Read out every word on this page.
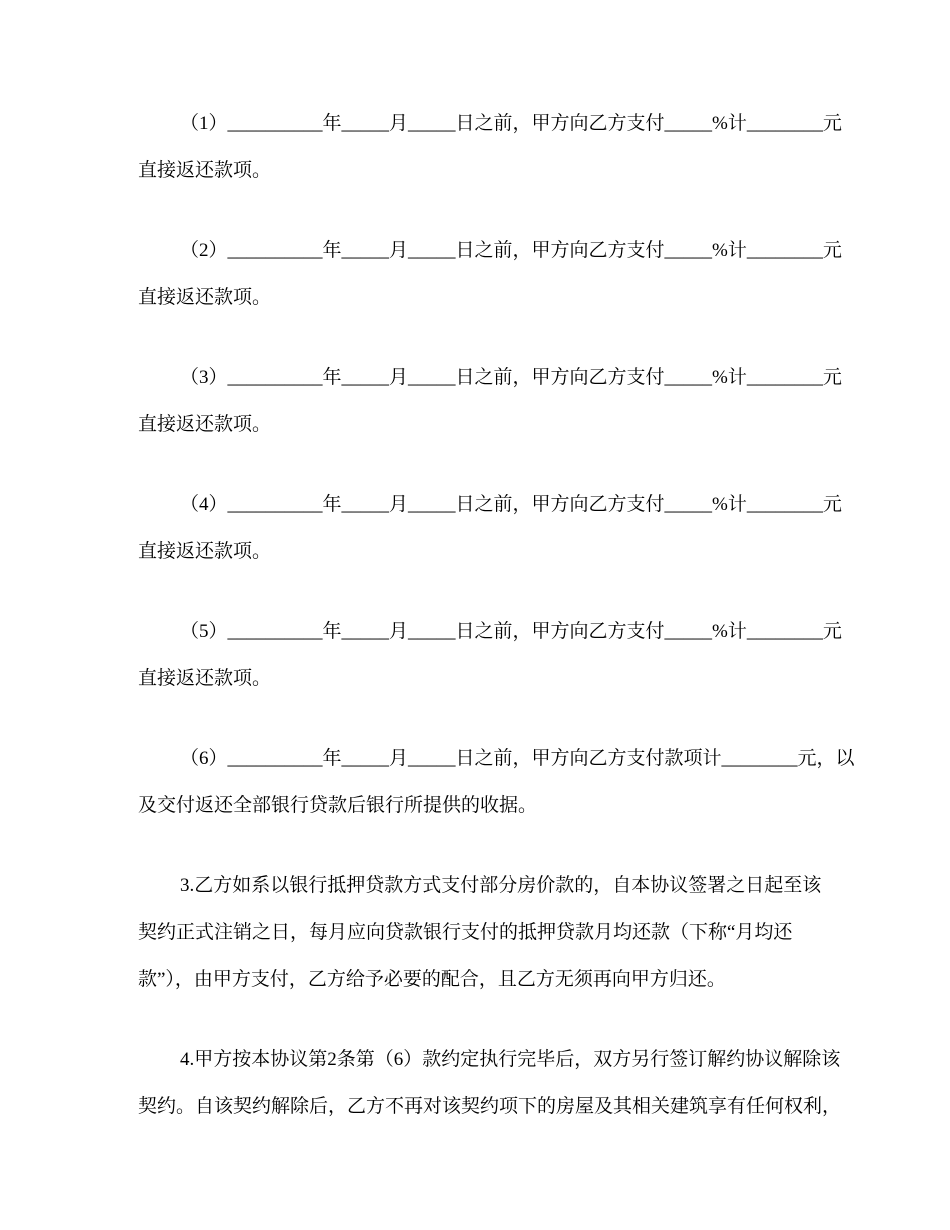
（1）__________年_____月_____日之前，甲方向乙方支付_____%计________元
直接返还款项。

（2）__________年_____月_____日之前，甲方向乙方支付_____%计________元
直接返还款项。

（3）__________年_____月_____日之前，甲方向乙方支付_____%计________元
直接返还款项。

（4）__________年_____月_____日之前，甲方向乙方支付_____%计________元
直接返还款项。

（5）__________年_____月_____日之前，甲方向乙方支付_____%计________元
直接返还款项。

（6）__________年_____月_____日之前，甲方向乙方支付款项计________元，以
及交付返还全部银行贷款后银行所提供的收据。

3.乙方如系以银行抵押贷款方式支付部分房价款的，自本协议签署之日起至该
契约正式注销之日，每月应向贷款银行支付的抵押贷款月均还款（下称“月均还
款”），由甲方支付，乙方给予必要的配合，且乙方无须再向甲方归还。

4.甲方按本协议第2条第（6）款约定执行完毕后，双方另行签订解约协议解除该
契约。自该契约解除后，乙方不再对该契约项下的房屋及其相关建筑享有任何权利，
